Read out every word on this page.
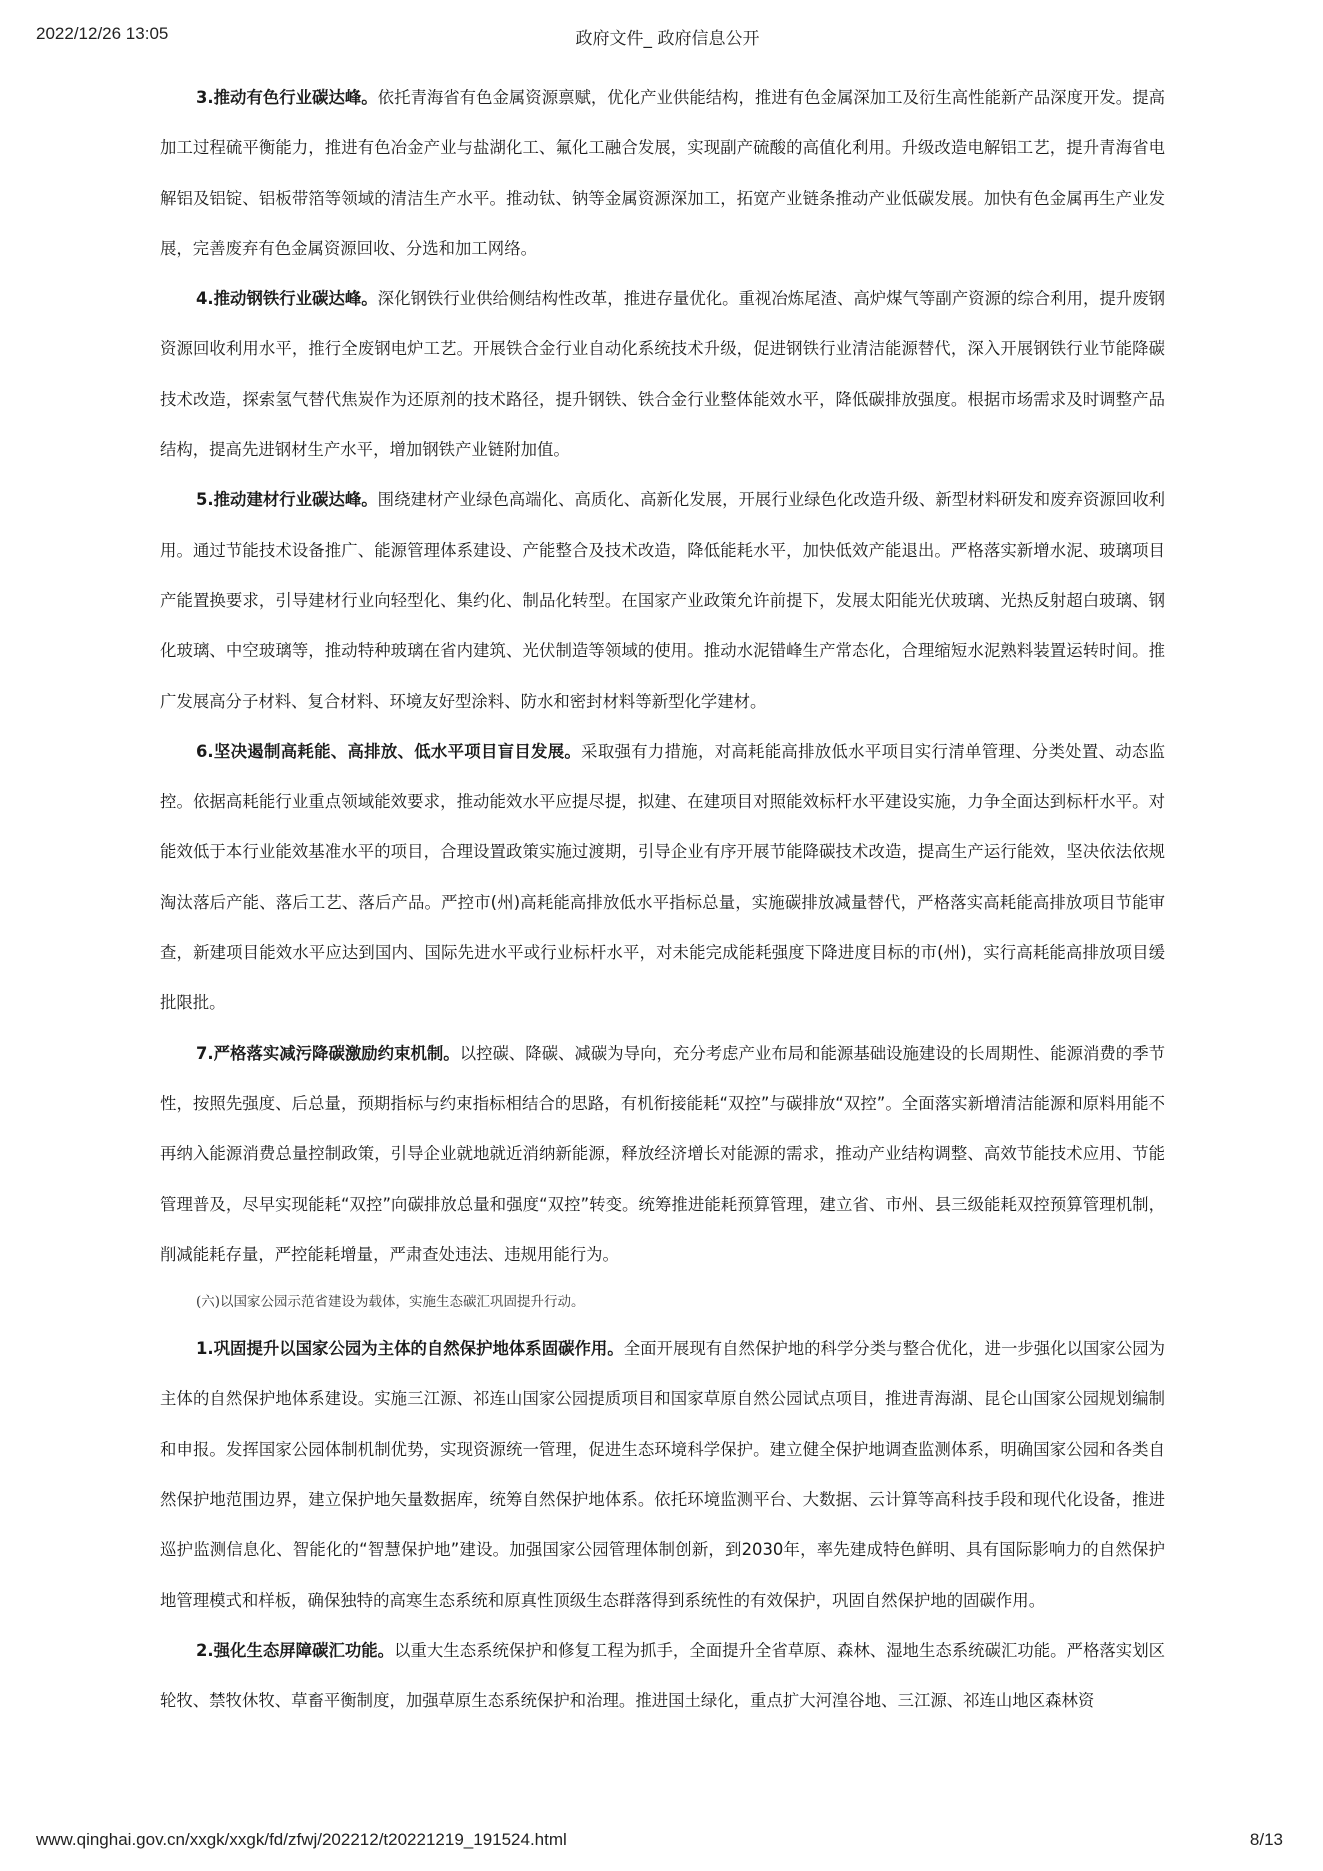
2022/12/26 13:05	政府文件_ 政府信息公开

3.推动有色行业碳达峰。依托青海省有色金属资源禀赋，优化产业供能结构，推进有色金属深加工及衍生高性能新产品深度开发。提高加工过程硫平衡能力，推进有色冶金产业与盐湖化工、氟化工融合发展，实现副产硫酸的高值化利用。升级改造电解铝工艺，提升青海省电解铝及铝锭、铝板带箔等领域的清洁生产水平。推动钛、钠等金属资源深加工，拓宽产业链条推动产业低碳发展。加快有色金属再生产业发展，完善废弃有色金属资源回收、分选和加工网络。

4.推动钢铁行业碳达峰。深化钢铁行业供给侧结构性改革，推进存量优化。重视冶炼尾渣、高炉煤气等副产资源的综合利用，提升废钢资源回收利用水平，推行全废钢电炉工艺。开展铁合金行业自动化系统技术升级，促进钢铁行业清洁能源替代，深入开展钢铁行业节能降碳技术改造，探索氢气替代焦炭作为还原剂的技术路径，提升钢铁、铁合金行业整体能效水平，降低碳排放强度。根据市场需求及时调整产品结构，提高先进钢材生产水平，增加钢铁产业链附加值。

5.推动建材行业碳达峰。围绕建材产业绿色高端化、高质化、高新化发展，开展行业绿色化改造升级、新型材料研发和废弃资源回收利用。通过节能技术设备推广、能源管理体系建设、产能整合及技术改造，降低能耗水平，加快低效产能退出。严格落实新增水泥、玻璃项目产能置换要求，引导建材行业向轻型化、集约化、制品化转型。在国家产业政策允许前提下，发展太阳能光伏玻璃、光热反射超白玻璃、钢化玻璃、中空玻璃等，推动特种玻璃在省内建筑、光伏制造等领域的使用。推动水泥错峰生产常态化，合理缩短水泥熟料装置运转时间。推广发展高分子材料、复合材料、环境友好型涂料、防水和密封材料等新型化学建材。

6.坚决遏制高耗能、高排放、低水平项目盲目发展。采取强有力措施，对高耗能高排放低水平项目实行清单管理、分类处置、动态监控。依据高耗能行业重点领域能效要求，推动能效水平应提尽提，拟建、在建项目对照能效标杆水平建设实施，力争全面达到标杆水平。对能效低于本行业能效基准水平的项目，合理设置政策实施过渡期，引导企业有序开展节能降碳技术改造，提高生产运行能效，坚决依法依规淘汰落后产能、落后工艺、落后产品。严控市(州)高耗能高排放低水平指标总量，实施碳排放减量替代，严格落实高耗能高排放项目节能审查，新建项目能效水平应达到国内、国际先进水平或行业标杆水平，对未能完成能耗强度下降进度目标的市(州)，实行高耗能高排放项目缓批限批。

7.严格落实减污降碳激励约束机制。以控碳、降碳、减碳为导向，充分考虑产业布局和能源基础设施建设的长周期性、能源消费的季节性，按照先强度、后总量，预期指标与约束指标相结合的思路，有机衔接能耗“双控”与碳排放“双控”。全面落实新增清洁能源和原料用能不再纳入能源消费总量控制政策，引导企业就地就近消纳新能源，释放经济增长对能源的需求，推动产业结构调整、高效节能技术应用、节能管理普及，尽早实现能耗“双控”向碳排放总量和强度“双控”转变。统筹推进能耗预算管理，建立省、市州、县三级能耗双控预算管理机制，削减能耗存量，严控能耗增量，严肃查处违法、违规用能行为。

(六)以国家公园示范省建设为载体，实施生态碳汇巩固提升行动。

1.巩固提升以国家公园为主体的自然保护地体系固碳作用。全面开展现有自然保护地的科学分类与整合优化，进一步强化以国家公园为主体的自然保护地体系建设。实施三江源、祁连山国家公园提质项目和国家草原自然公园试点项目，推进青海湖、昆仑山国家公园规划编制和申报。发挥国家公园体制机制优势，实现资源统一管理，促进生态环境科学保护。建立健全保护地调查监测体系，明确国家公园和各类自然保护地范围边界，建立保护地矢量数据库，统筹自然保护地体系。依托环境监测平台、大数据、云计算等高科技手段和现代化设备，推进巡护监测信息化、智能化的“智慧保护地”建设。加强国家公园管理体制创新，到2030年，率先建成特色鲜明、具有国际影响力的自然保护地管理模式和样板，确保独特的高寒生态系统和原真性顶级生态群落得到系统性的有效保护，巩固自然保护地的固碳作用。

2.强化生态屏障碳汇功能。以重大生态系统保护和修复工程为抓手，全面提升全省草原、森林、湿地生态系统碳汇功能。严格落实划区轮牧、禁牧休牧、草畜平衡制度，加强草原生态系统保护和治理。推进国土绿化，重点扩大河湟谷地、三江源、祁连山地区森林资

www.qinghai.gov.cn/xxgk/xxgk/fd/zfwj/202212/t20221219_191524.html	8/13
